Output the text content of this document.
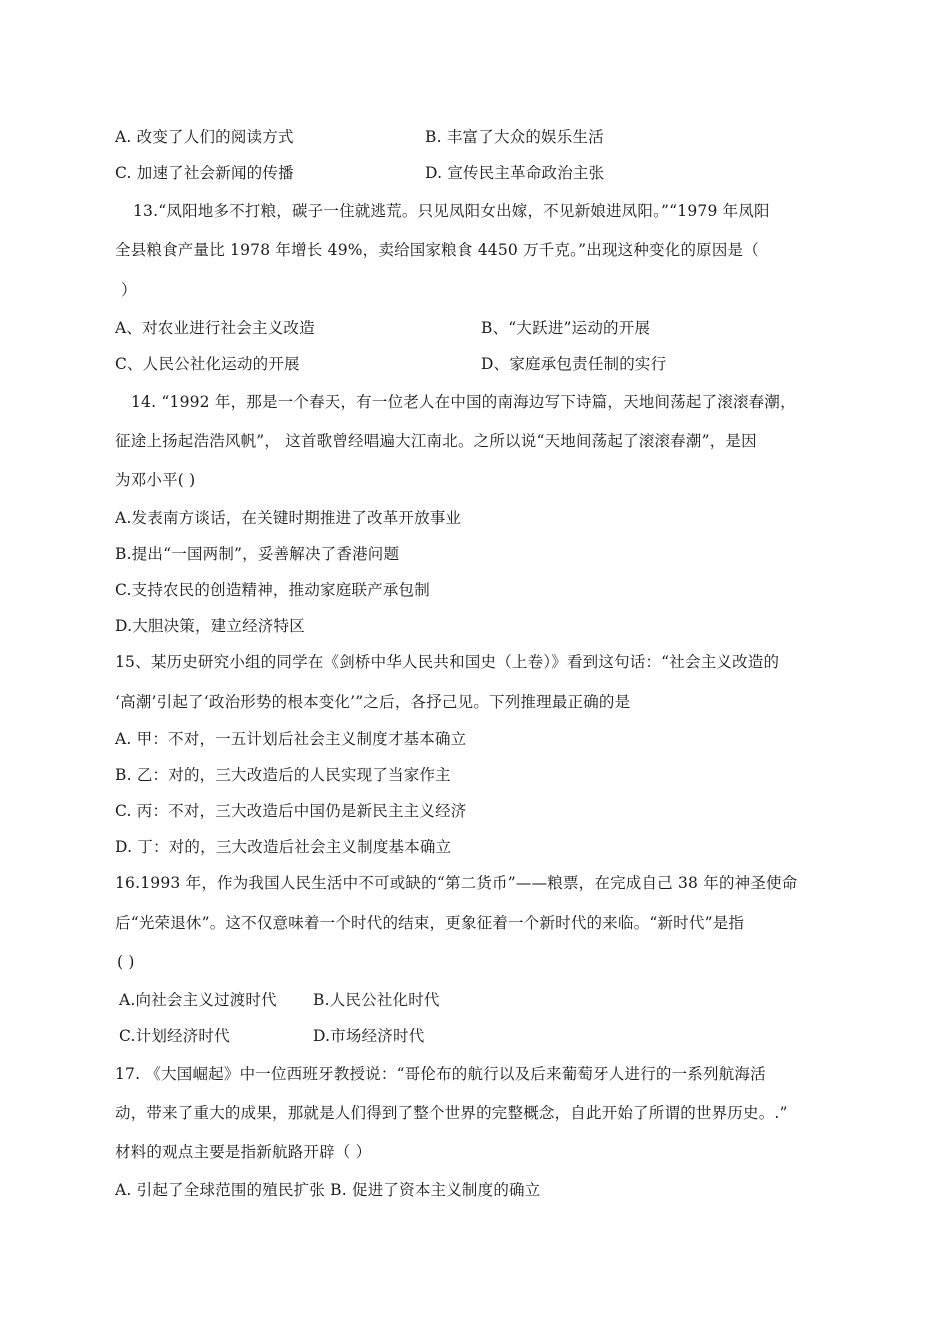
A. 改变了人们的阅读方式	B. 丰富了大众的娱乐生活
C. 加速了社会新闻的传播	D. 宣传民主革命政治主张
13.“凤阳地多不打粮，碳子一住就逃荒。只见凤阳女出嫁，不见新娘进凤阳。”“1979 年凤阳
全县粮食产量比 1978 年增长 49%，卖给国家粮食 4450 万千克。”出现这种变化的原因是（
）
A、对农业进行社会主义改造	B、“大跃进”运动的开展
C、人民公社化运动的开展	D、家庭承包责任制的实行
14. “1992 年，那是一个春天，有一位老人在中国的南海边写下诗篇，天地间荡起了滚滚春潮，
征途上扬起浩浩风帆”， 这首歌曾经唱遍大江南北。之所以说“天地间荡起了滚滚春潮”，是因
为邓小平( )
A.发表南方谈话，在关键时期推进了改革开放事业
B.提出“一国两制”，妥善解决了香港问题
C.支持农民的创造精神，推动家庭联产承包制
D.大胆决策，建立经济特区
15、某历史研究小组的同学在《剑桥中华人民共和国史（上卷）》看到这句话：“社会主义改造的
‘高潮’引起了‘政治形势的根本变化’”之后，各抒己见。下列推理最正确的是
A. 甲：不对，一五计划后社会主义制度才基本确立
B. 乙：对的，三大改造后的人民实现了当家作主
C. 丙：不对，三大改造后中国仍是新民主主义经济
D. 丁：对的，三大改造后社会主义制度基本确立
16.1993 年，作为我国人民生活中不可或缺的“第二货币”——粮票，在完成自己 38 年的神圣使命
后“光荣退休”。这不仅意味着一个时代的结束，更象征着一个新时代的来临。“新时代”是指
( )
A.向社会主义过渡时代 B.人民公社化时代
C.计划经济时代	D.市场经济时代
17. 《大国崛起》中一位西班牙教授说：“哥伦布的航行以及后来葡萄牙人进行的一系列航海活
动，带来了重大的成果，那就是人们得到了整个世界的完整概念，自此开始了所谓的世界历史。.”
材料的观点主要是指新航路开辟（ ）
A. 引起了全球范围的殖民扩张 B. 促进了资本主义制度的确立
